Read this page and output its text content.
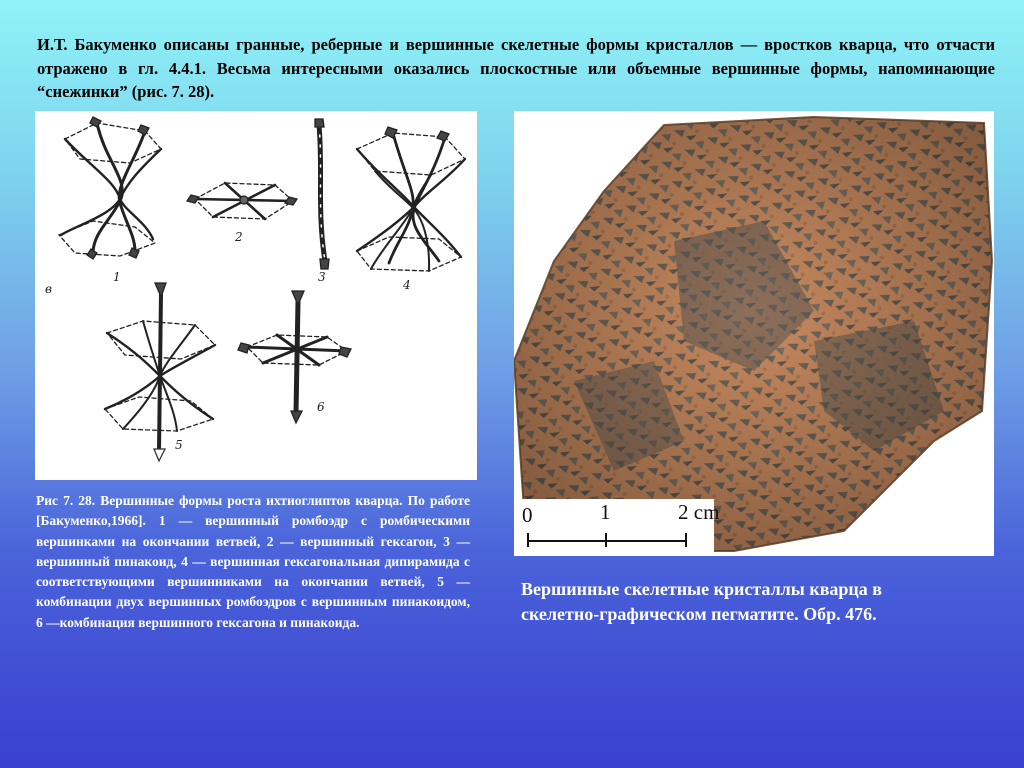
И.Т. Бакуменко описаны гранные, реберные и вершинные скелетные формы кристаллов — вростков кварца, что отчасти отражено в гл. 4.4.1. Весьма интересными оказались плоскостные или объемные вершинные формы, напоминающие “снежинки” (рис. 7. 28).
1
2
3
4
5
6
в
Рис 7. 28. Вершинные формы роста ихтиоглиптов кварца. По работе [Бакуменко,1966]. 1 — вершинный ромбоэдр с ромбическими вершинками на окончании ветвей, 2 — вершинный гексагон, 3 — вершинный пинакоид, 4 — вершинная гексагональная дипирамида с соответствующими вершинниками на окончании ветвей, 5 — комбинации двух вершинных ромбоэдров с вершинным пинакоидом, 6 —комбинация вершинного гексагона и пинакоида.
0	1	2 cm
Вершинные скелетные кристаллы кварца в скелетно-графическом пегматите. Обр. 476.
